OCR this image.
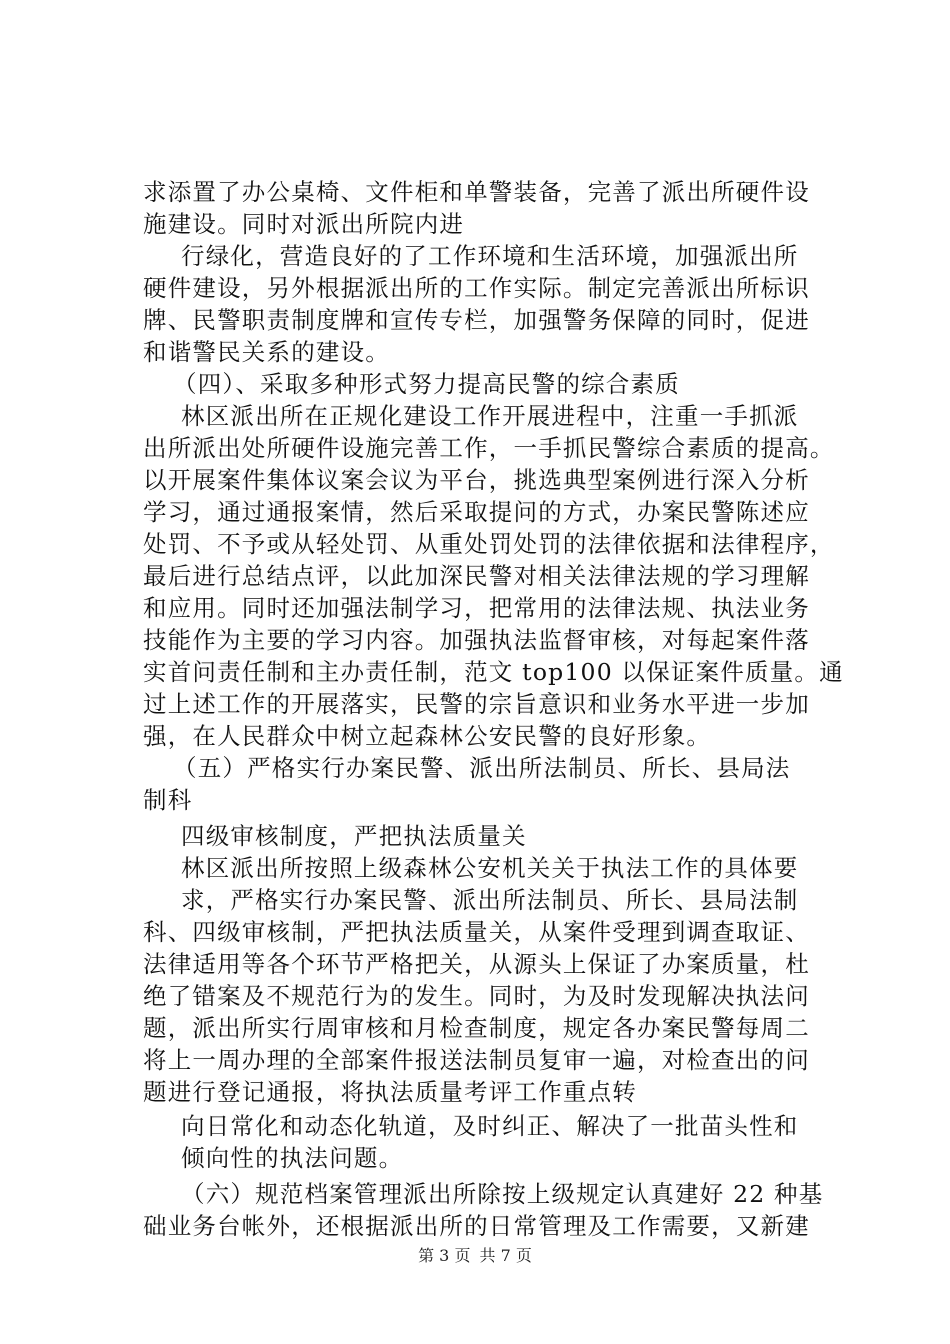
求添置了办公桌椅、文件柜和单警装备，完善了派出所硬件设
施建设。同时对派出所院内进
行绿化，营造良好的了工作环境和生活环境，加强派出所
硬件建设，另外根据派出所的工作实际。制定完善派出所标识
牌、民警职责制度牌和宣传专栏，加强警务保障的同时，促进
和谐警民关系的建设。
（四）、采取多种形式努力提高民警的综合素质
林区派出所在正规化建设工作开展进程中，注重一手抓派
出所派出处所硬件设施完善工作，一手抓民警综合素质的提高。
以开展案件集体议案会议为平台，挑选典型案例进行深入分析
学习，通过通报案情，然后采取提问的方式，办案民警陈述应
处罚、不予或从轻处罚、从重处罚处罚的法律依据和法律程序，
最后进行总结点评，以此加深民警对相关法律法规的学习理解
和应用。同时还加强法制学习，把常用的法律法规、执法业务
技能作为主要的学习内容。加强执法监督审核，对每起案件落
实首问责任制和主办责任制，范文 top100 以保证案件质量。通
过上述工作的开展落实，民警的宗旨意识和业务水平进一步加
强，在人民群众中树立起森林公安民警的良好形象。
（五）严格实行办案民警、派出所法制员、所长、县局法
制科
四级审核制度，严把执法质量关
林区派出所按照上级森林公安机关关于执法工作的具体要
求，严格实行办案民警、派出所法制员、所长、县局法制
科、四级审核制，严把执法质量关，从案件受理到调查取证、
法律适用等各个环节严格把关，从源头上保证了办案质量，杜
绝了错案及不规范行为的发生。同时，为及时发现解决执法问
题，派出所实行周审核和月检查制度，规定各办案民警每周二
将上一周办理的全部案件报送法制员复审一遍，对检查出的问
题进行登记通报，将执法质量考评工作重点转
向日常化和动态化轨道，及时纠正、解决了一批苗头性和
倾向性的执法问题。
（六）规范档案管理派出所除按上级规定认真建好 22 种基
础业务台帐外，还根据派出所的日常管理及工作需要，又新建
第 3 页 共 7 页
